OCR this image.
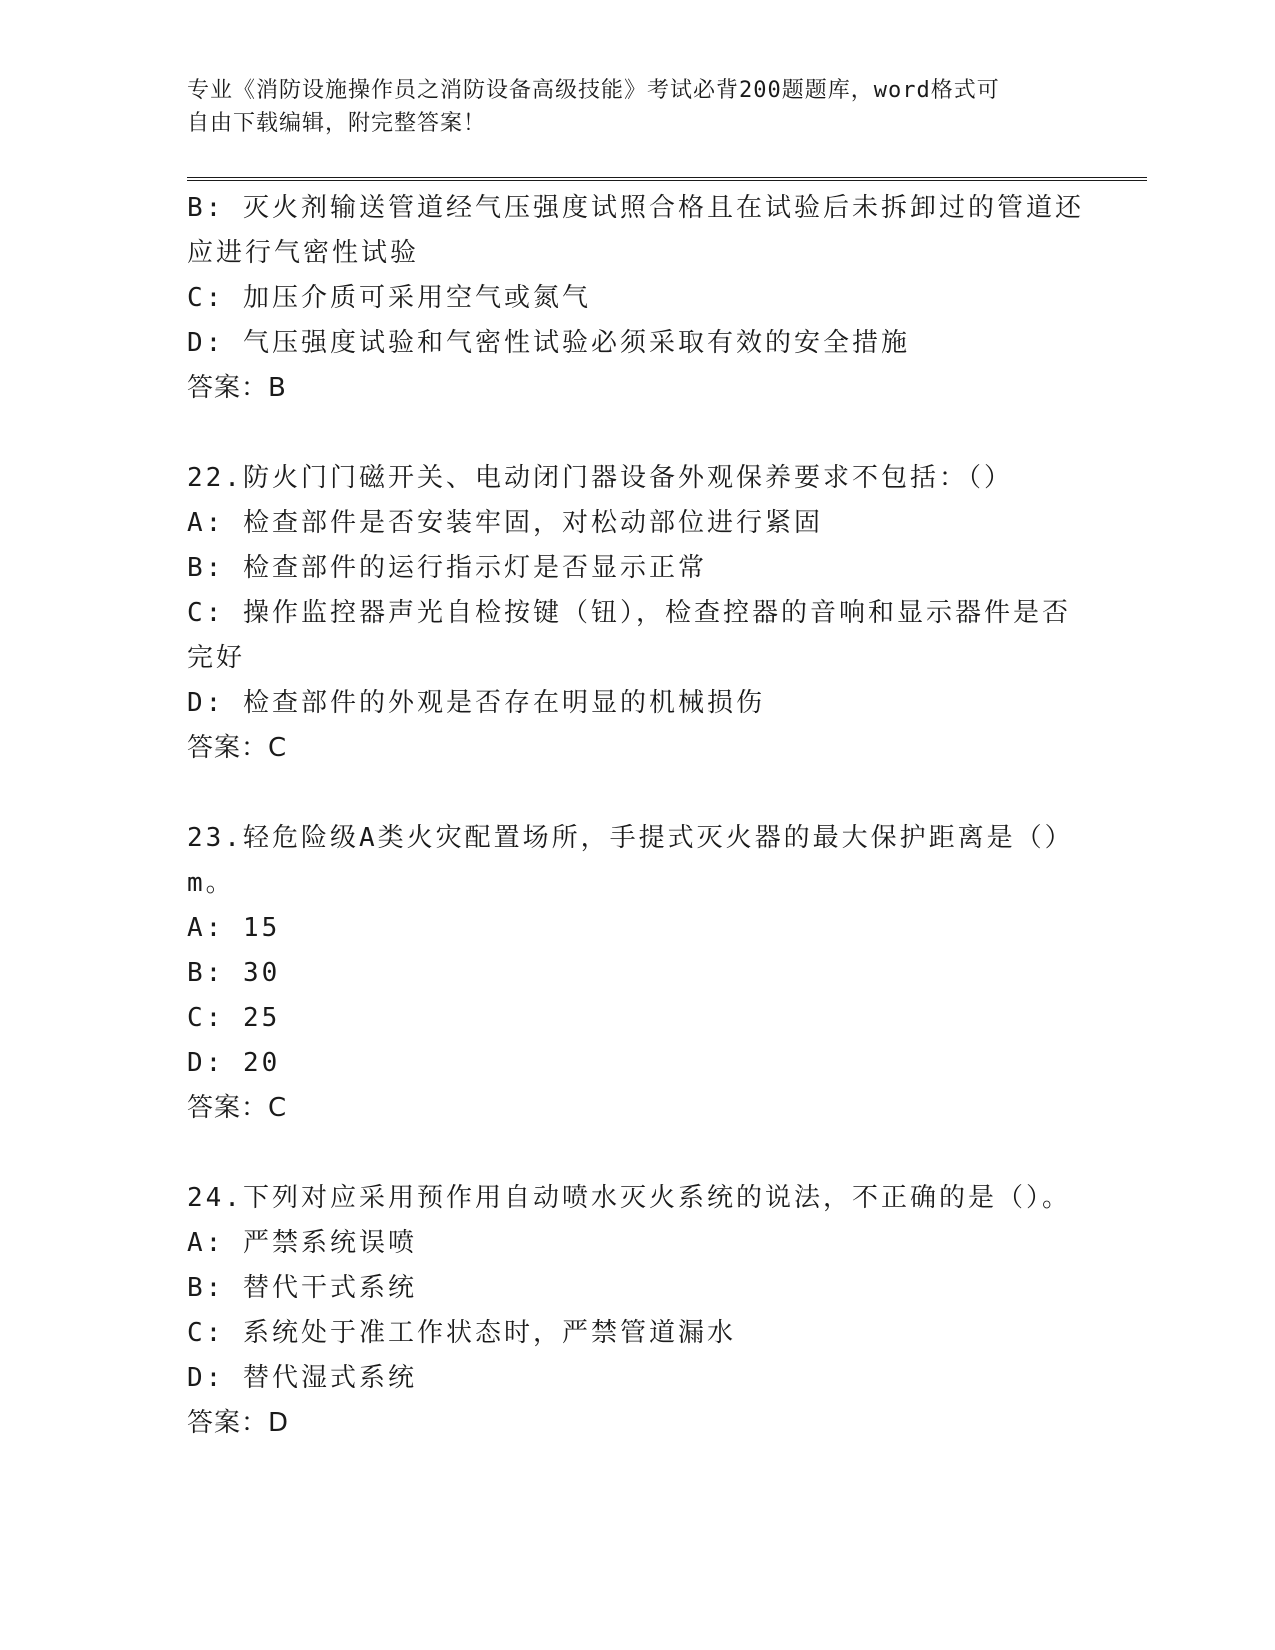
专业《消防设施操作员之消防设备高级技能》考试必背200题题库，word格式可
自由下载编辑，附完整答案！
B: 灭火剂输送管道经气压强度试照合格且在试验后未拆卸过的管道还
应进行气密性试验
C: 加压介质可采用空气或氮气
D: 气压强度试验和气密性试验必须采取有效的安全措施
答案：B
22.防火门门磁开关、电动闭门器设备外观保养要求不包括：（）
A: 检查部件是否安装牢固，对松动部位进行紧固
B: 检查部件的运行指示灯是否显示正常
C: 操作监控器声光自检按键（钮），检查控器的音响和显示器件是否
完好
D: 检查部件的外观是否存在明显的机械损伤
答案：C
23.轻危险级A类火灾配置场所，手提式灭火器的最大保护距离是（）
m。
A: 15
B: 30
C: 25
D: 20
答案：C
24.下列对应采用预作用自动喷水灭火系统的说法，不正确的是（）。
A: 严禁系统误喷
B: 替代干式系统
C: 系统处于准工作状态时，严禁管道漏水
D: 替代湿式系统
答案：D
